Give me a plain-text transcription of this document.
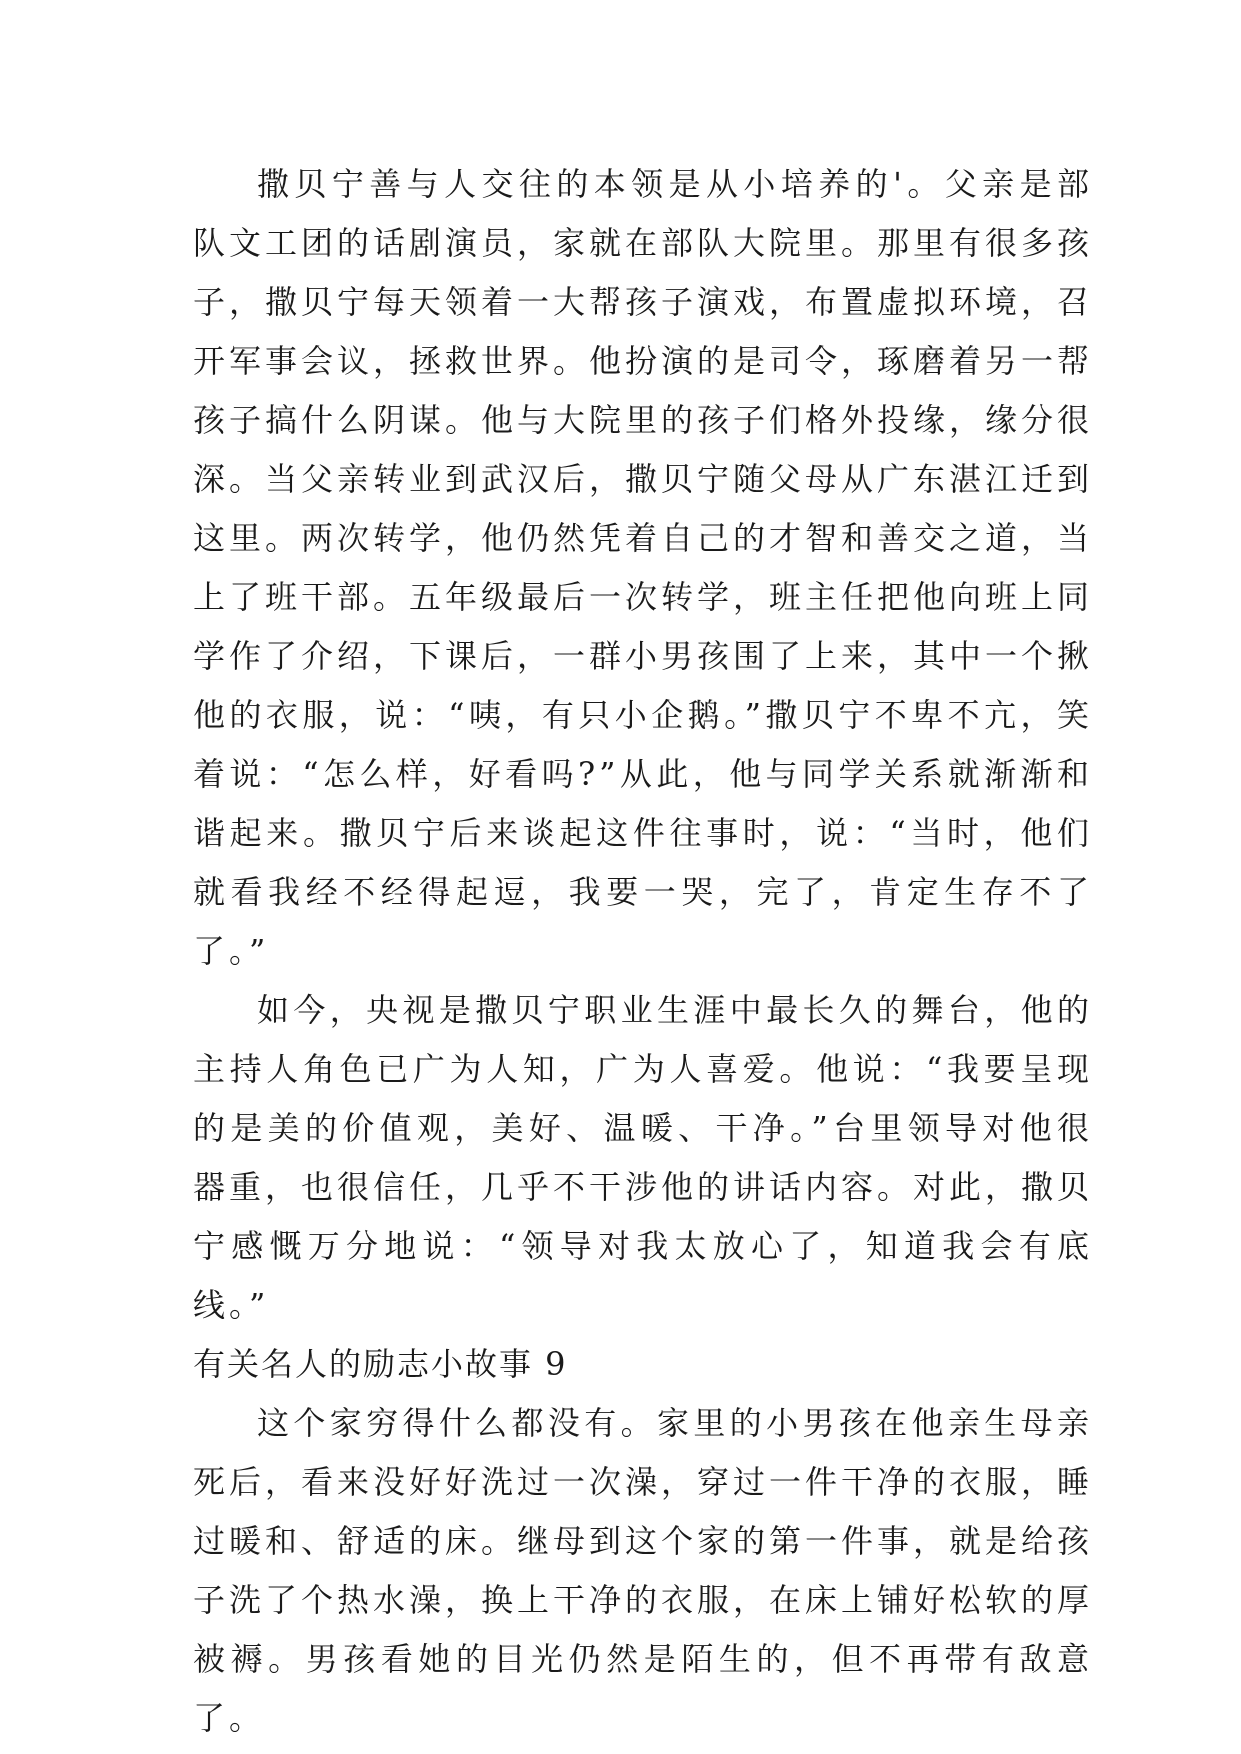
撒贝宁善与人交往的本领是从小培养的'。父亲是部队文工团的话剧演员，家就在部队大院里。那里有很多孩子，撒贝宁每天领着一大帮孩子演戏，布置虚拟环境，召开军事会议，拯救世界。他扮演的是司令，琢磨着另一帮孩子搞什么阴谋。他与大院里的孩子们格外投缘，缘分很深。当父亲转业到武汉后，撒贝宁随父母从广东湛江迁到这里。两次转学，他仍然凭着自己的才智和善交之道，当上了班干部。五年级最后一次转学，班主任把他向班上同学作了介绍，下课后，一群小男孩围了上来，其中一个揪他的衣服，说：“咦，有只小企鹅。”撒贝宁不卑不亢，笑着说：“怎么样，好看吗?”从此，他与同学关系就渐渐和谐起来。撒贝宁后来谈起这件往事时，说：“当时，他们就看我经不经得起逗，我要一哭，完了，肯定生存不了了。”

如今，央视是撒贝宁职业生涯中最长久的舞台，他的主持人角色已广为人知，广为人喜爱。他说：“我要呈现的是美的价值观，美好、温暖、干净。”台里领导对他很器重，也很信任，几乎不干涉他的讲话内容。对此，撒贝宁感慨万分地说：“领导对我太放心了，知道我会有底线。”

有关名人的励志小故事 9

这个家穷得什么都没有。家里的小男孩在他亲生母亲死后，看来没好好洗过一次澡，穿过一件干净的衣服，睡过暖和、舒适的床。继母到这个家的第一件事，就是给孩子洗了个热水澡，换上干净的衣服，在床上铺好松软的厚被褥。男孩看她的目光仍然是陌生的，但不再带有敌意了。
